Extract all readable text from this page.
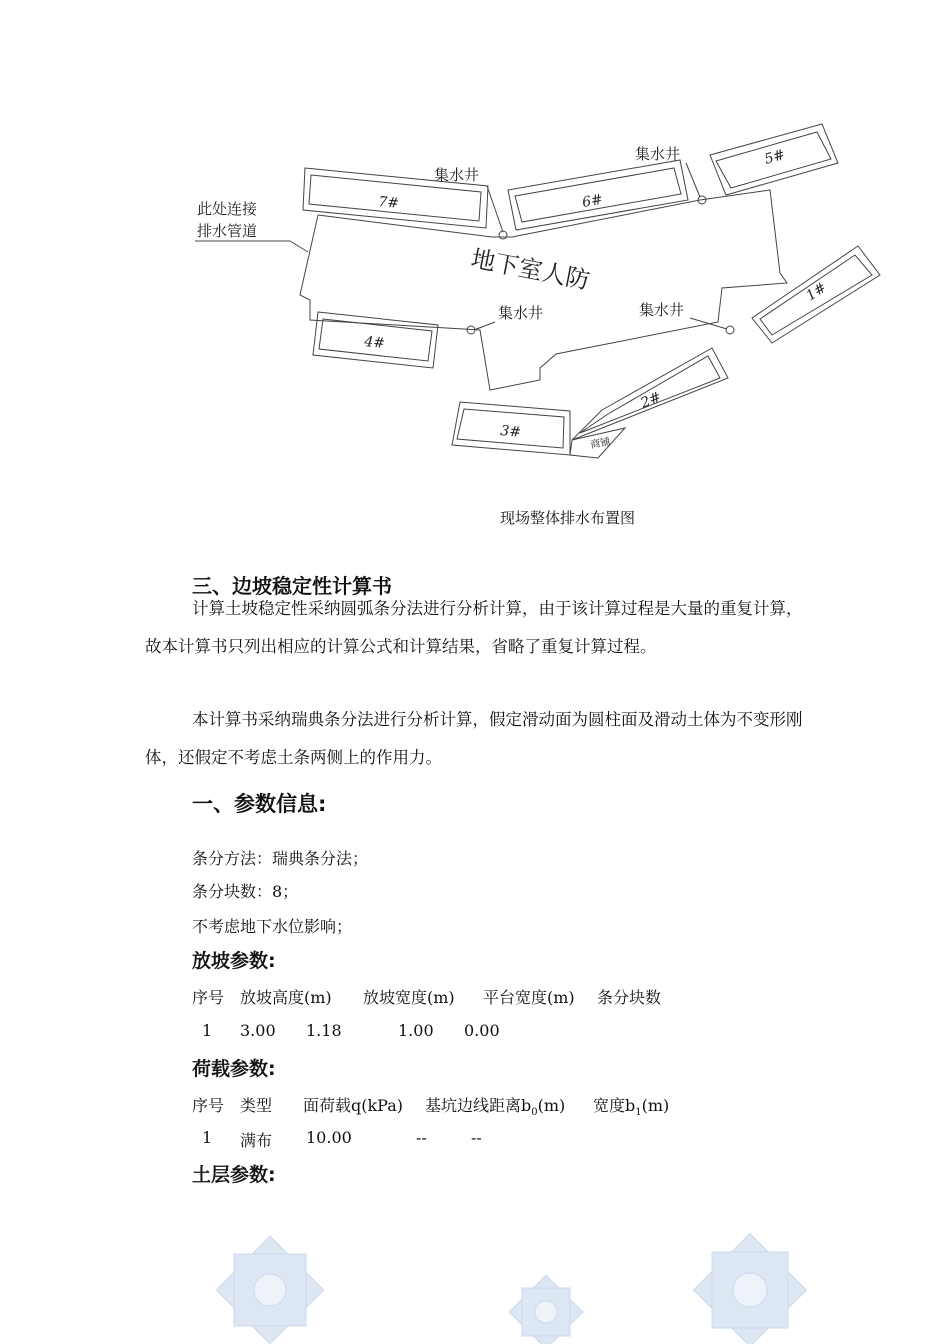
此处连接
排水管道
集水井
集水井
集水井	集水井
地下室人防
商铺
7#	6#
5#
4#
3#
2#
1#
现场整体排水布置图
三、边坡稳定性计算书

计算土坡稳定性采纳圆弧条分法进行分析计算，由于该计算过程是大量的重复计算，故本计算书只列出相应的计算公式和计算结果，省略了重复计算过程。

本计算书采纳瑞典条分法进行分析计算，假定滑动面为圆柱面及滑动土体为不变形刚体，还假定不考虑土条两侧上的作用力。

一、参数信息:
条分方法：瑞典条分法；
条分块数：8；
不考虑地下水位影响；
放坡参数:
序号 放坡高度(m) 放坡宽度(m) 平台宽度(m) 条分块数
1 3.00 1.18	1.00 0.00
荷载参数:
序号 类型 面荷载q(kPa) 基坑边线距离$b_0(m)$ 宽度$b_1(m)$
1 满布 10.00	--	--
土层参数:
